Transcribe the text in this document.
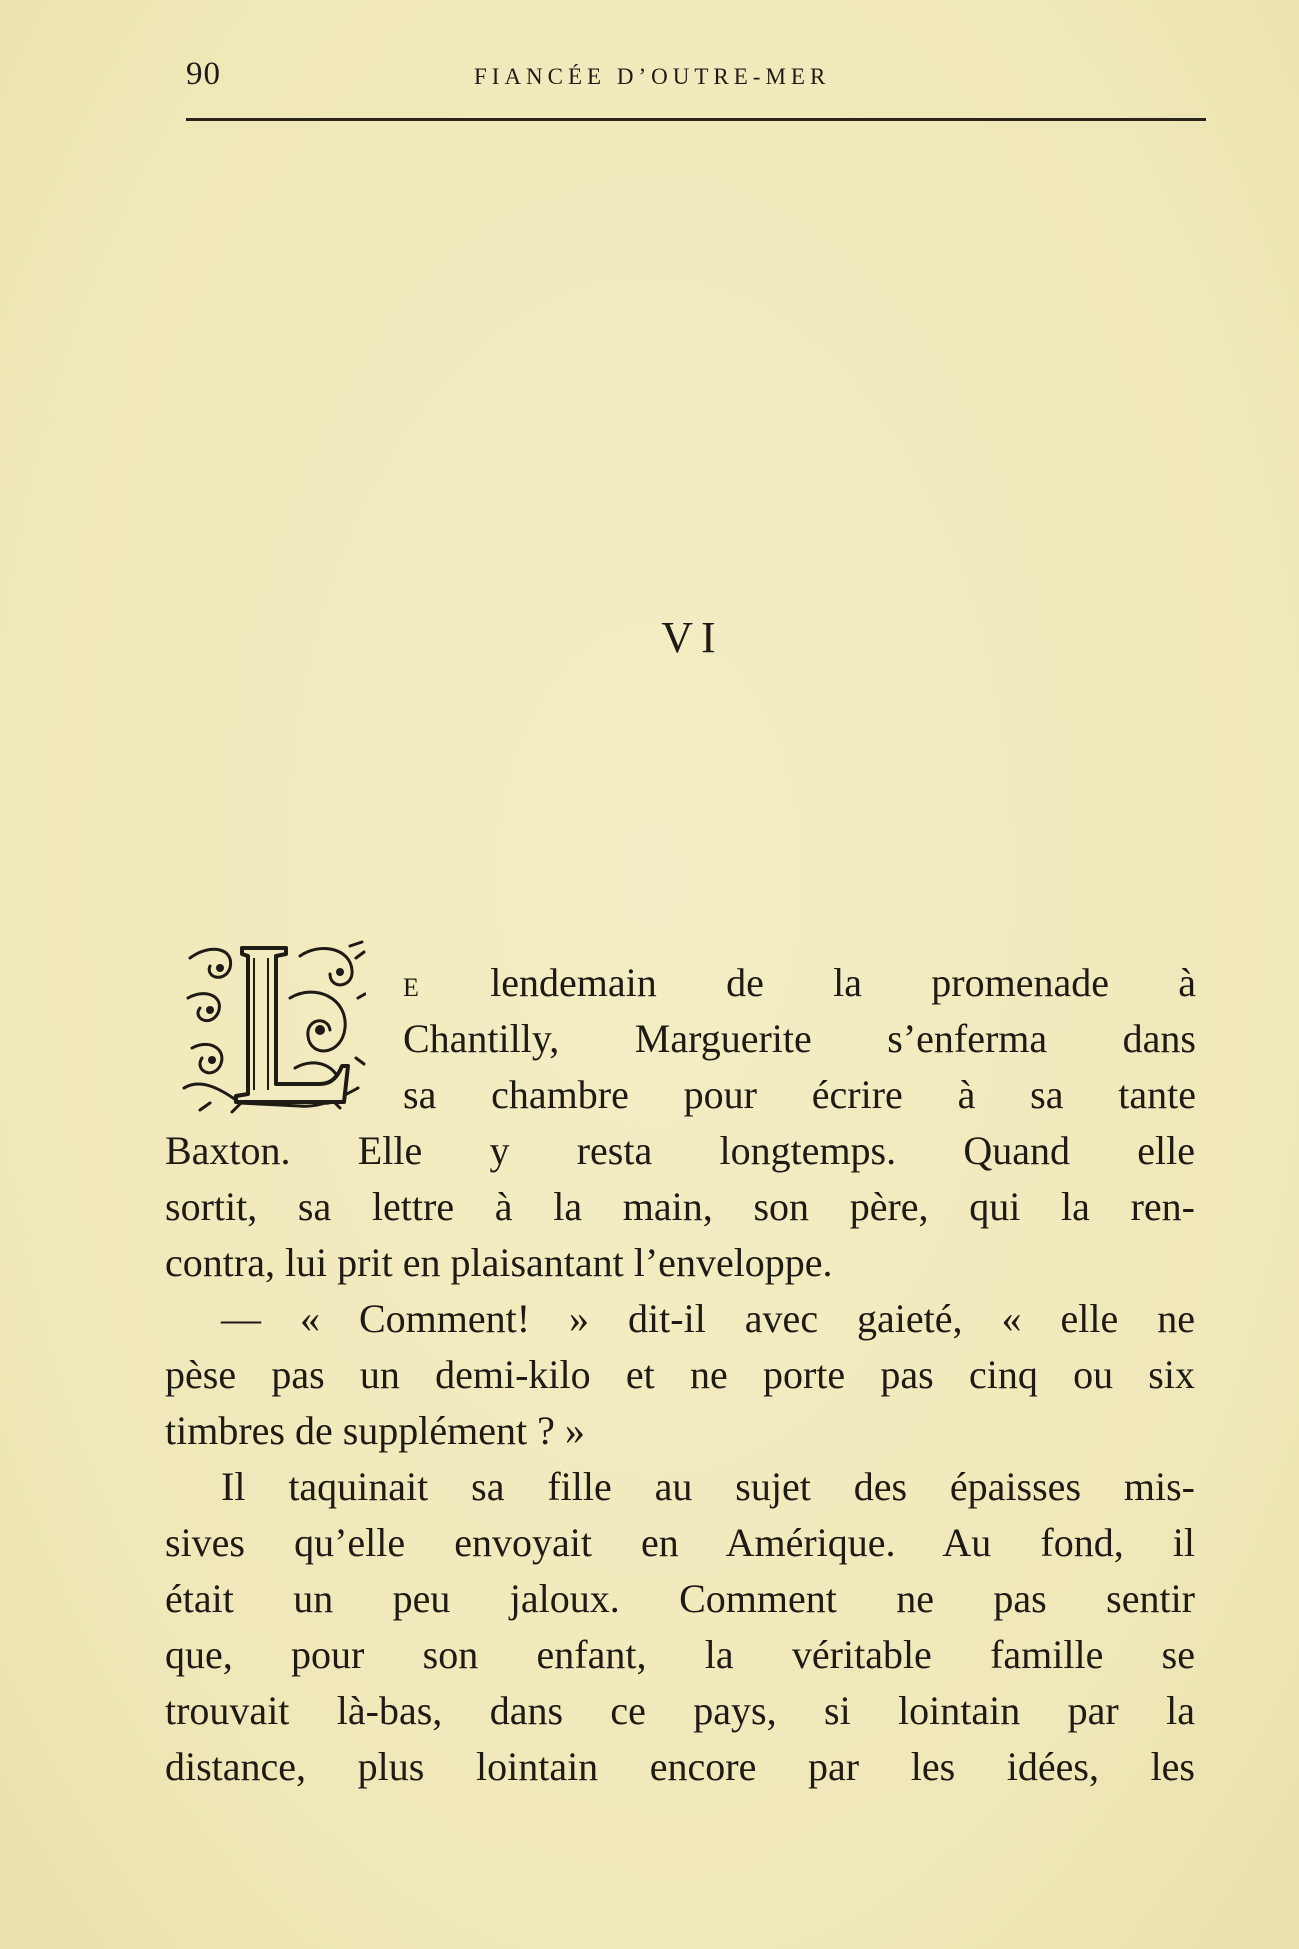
90	FIANCÉE D’OUTRE-MER
VI
E lendemain de la promenade à
Chantilly, Marguerite s’enferma dans
sa chambre pour écrire à sa tante
Baxton. Elle y resta longtemps. Quand elle
sortit, sa lettre à la main, son père, qui la ren-
contra, lui prit en plaisantant l’enveloppe.
— « Comment! » dit-il avec gaieté, « elle ne
pèse pas un demi-kilo et ne porte pas cinq ou six
timbres de supplément ? »
Il taquinait sa fille au sujet des épaisses mis-
sives qu’elle envoyait en Amérique. Au fond, il
était un peu jaloux. Comment ne pas sentir
que, pour son enfant, la véritable famille se
trouvait là-bas, dans ce pays, si lointain par la
distance, plus lointain encore par les idées, les
